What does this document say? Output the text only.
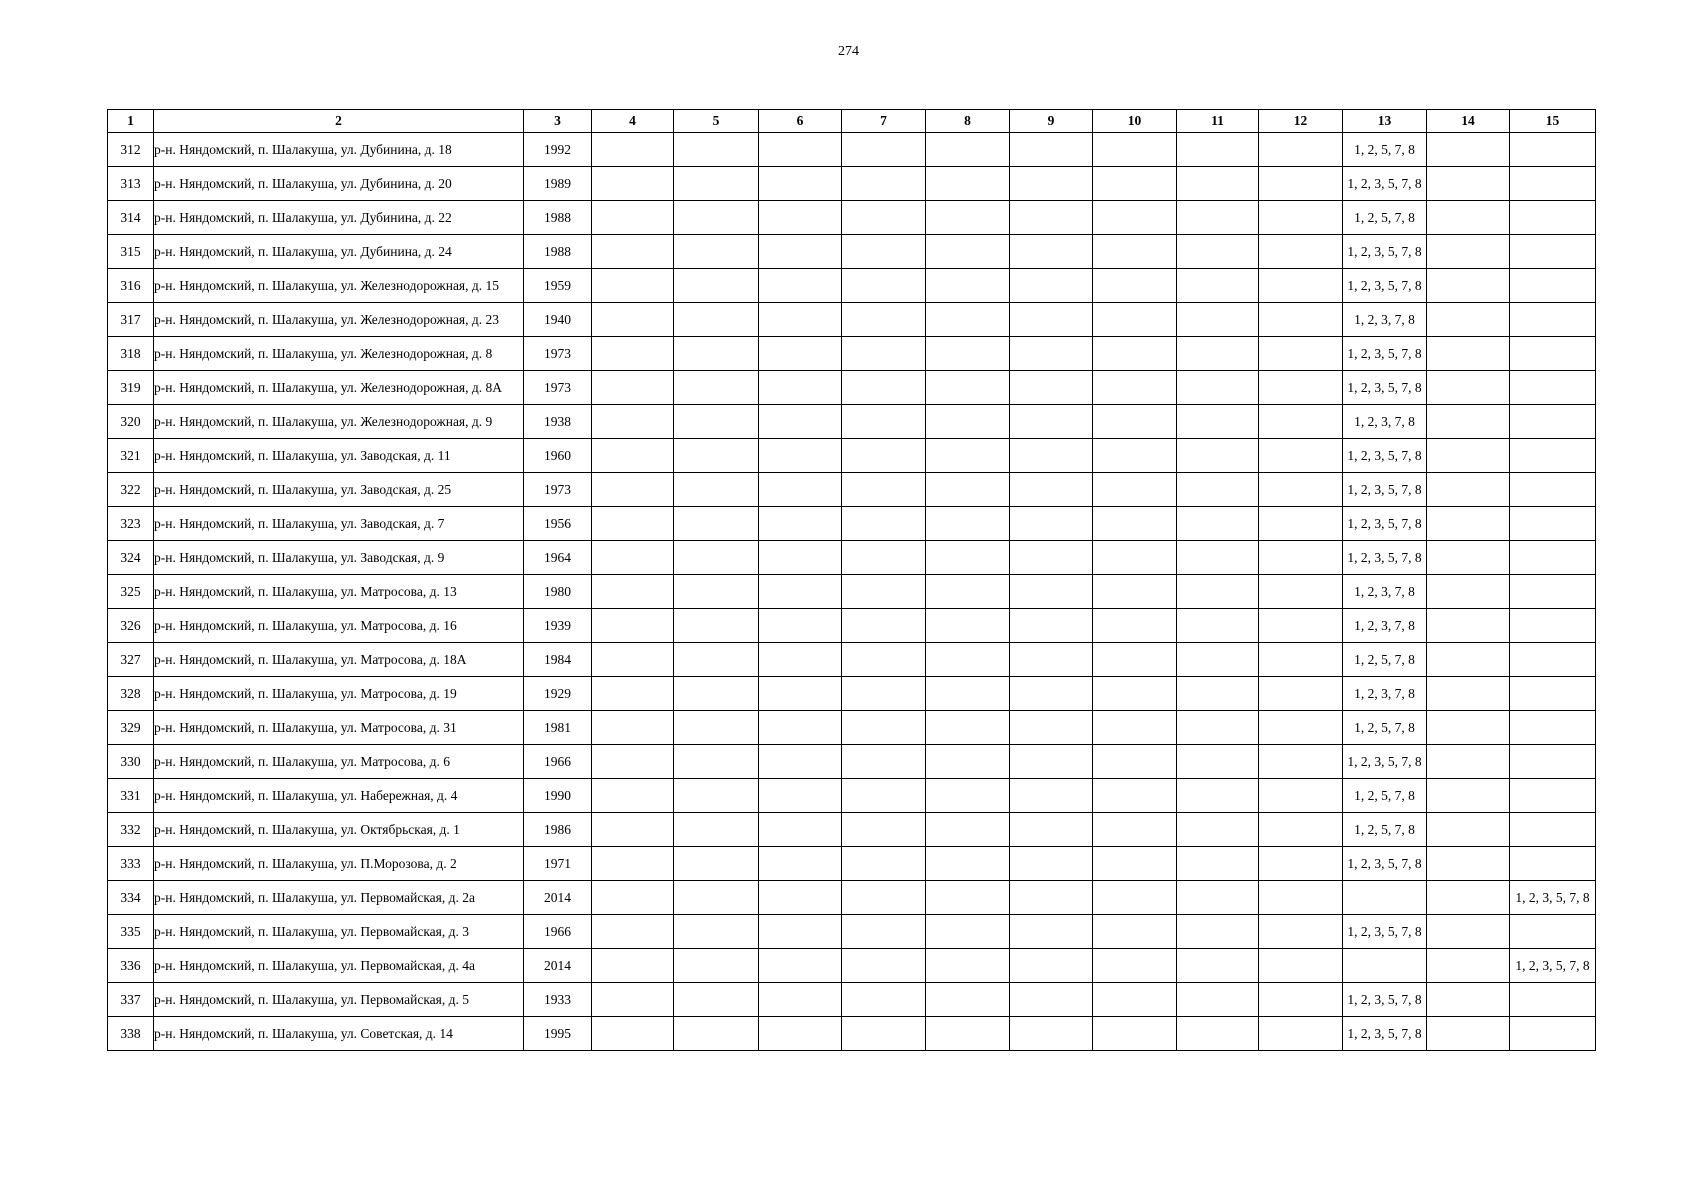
274
1	2	3	4	5	6	7	8	9	10	11	12	13	14	15
312	р-н. Няндомский, п. Шалакуша, ул. Дубинина, д. 18	1992										1, 2, 5, 7, 8		
313	р-н. Няндомский, п. Шалакуша, ул. Дубинина, д. 20	1989										1, 2, 3, 5, 7, 8		
314	р-н. Няндомский, п. Шалакуша, ул. Дубинина, д. 22	1988										1, 2, 5, 7, 8		
315	р-н. Няндомский, п. Шалакуша, ул. Дубинина, д. 24	1988										1, 2, 3, 5, 7, 8		
316	р-н. Няндомский, п. Шалакуша, ул. Железнодорожная, д. 15	1959										1, 2, 3, 5, 7, 8		
317	р-н. Няндомский, п. Шалакуша, ул. Железнодорожная, д. 23	1940										1, 2, 3, 7, 8		
318	р-н. Няндомский, п. Шалакуша, ул. Железнодорожная, д. 8	1973										1, 2, 3, 5, 7, 8		
319	р-н. Няндомский, п. Шалакуша, ул. Железнодорожная, д. 8А	1973										1, 2, 3, 5, 7, 8		
320	р-н. Няндомский, п. Шалакуша, ул. Железнодорожная, д. 9	1938										1, 2, 3, 7, 8		
321	р-н. Няндомский, п. Шалакуша, ул. Заводская, д. 11	1960										1, 2, 3, 5, 7, 8		
322	р-н. Няндомский, п. Шалакуша, ул. Заводская, д. 25	1973										1, 2, 3, 5, 7, 8		
323	р-н. Няндомский, п. Шалакуша, ул. Заводская, д. 7	1956										1, 2, 3, 5, 7, 8		
324	р-н. Няндомский, п. Шалакуша, ул. Заводская, д. 9	1964										1, 2, 3, 5, 7, 8		
325	р-н. Няндомский, п. Шалакуша, ул. Матросова, д. 13	1980										1, 2, 3, 7, 8		
326	р-н. Няндомский, п. Шалакуша, ул. Матросова, д. 16	1939										1, 2, 3, 7, 8		
327	р-н. Няндомский, п. Шалакуша, ул. Матросова, д. 18А	1984										1, 2, 5, 7, 8		
328	р-н. Няндомский, п. Шалакуша, ул. Матросова, д. 19	1929										1, 2, 3, 7, 8		
329	р-н. Няндомский, п. Шалакуша, ул. Матросова, д. 31	1981										1, 2, 5, 7, 8		
330	р-н. Няндомский, п. Шалакуша, ул. Матросова, д. 6	1966										1, 2, 3, 5, 7, 8		
331	р-н. Няндомский, п. Шалакуша, ул. Набережная, д. 4	1990										1, 2, 5, 7, 8		
332	р-н. Няндомский, п. Шалакуша, ул. Октябрьская, д. 1	1986										1, 2, 5, 7, 8		
333	р-н. Няндомский, п. Шалакуша, ул. П.Морозова, д. 2	1971										1, 2, 3, 5, 7, 8		
334	р-н. Няндомский, п. Шалакуша, ул. Первомайская, д. 2а	2014												1, 2, 3, 5, 7, 8
335	р-н. Няндомский, п. Шалакуша, ул. Первомайская, д. 3	1966										1, 2, 3, 5, 7, 8		
336	р-н. Няндомский, п. Шалакуша, ул. Первомайская, д. 4а	2014												1, 2, 3, 5, 7, 8
337	р-н. Няндомский, п. Шалакуша, ул. Первомайская, д. 5	1933										1, 2, 3, 5, 7, 8		
338	р-н. Няндомский, п. Шалакуша, ул. Советская, д. 14	1995										1, 2, 3, 5, 7, 8		
